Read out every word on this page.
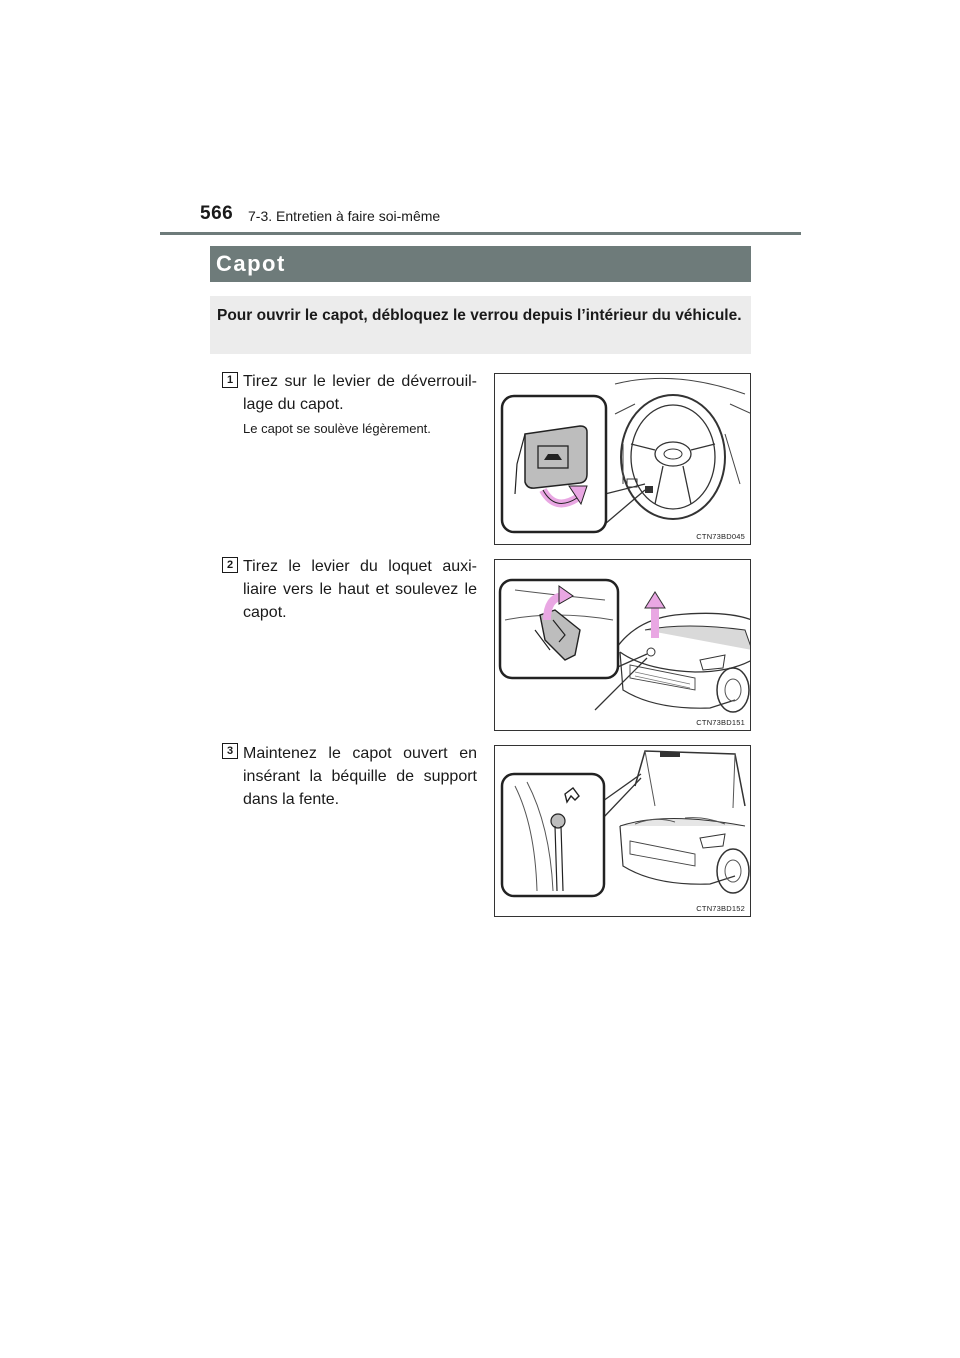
566 7-3. Entretien à faire soi-même
Capot
Pour ouvrir le capot, débloquez le verrou depuis l’intérieur du véhicule.
1 Tirez sur le levier de déverrouil-lage du capot.
Le capot se soulève légèrement.
CTN73BD045
2 Tirez le levier du loquet auxi-liaire vers le haut et soulevez le capot.
CTN73BD151
3 Maintenez le capot ouvert en insérant la béquille de support dans la fente.
CTN73BD152
